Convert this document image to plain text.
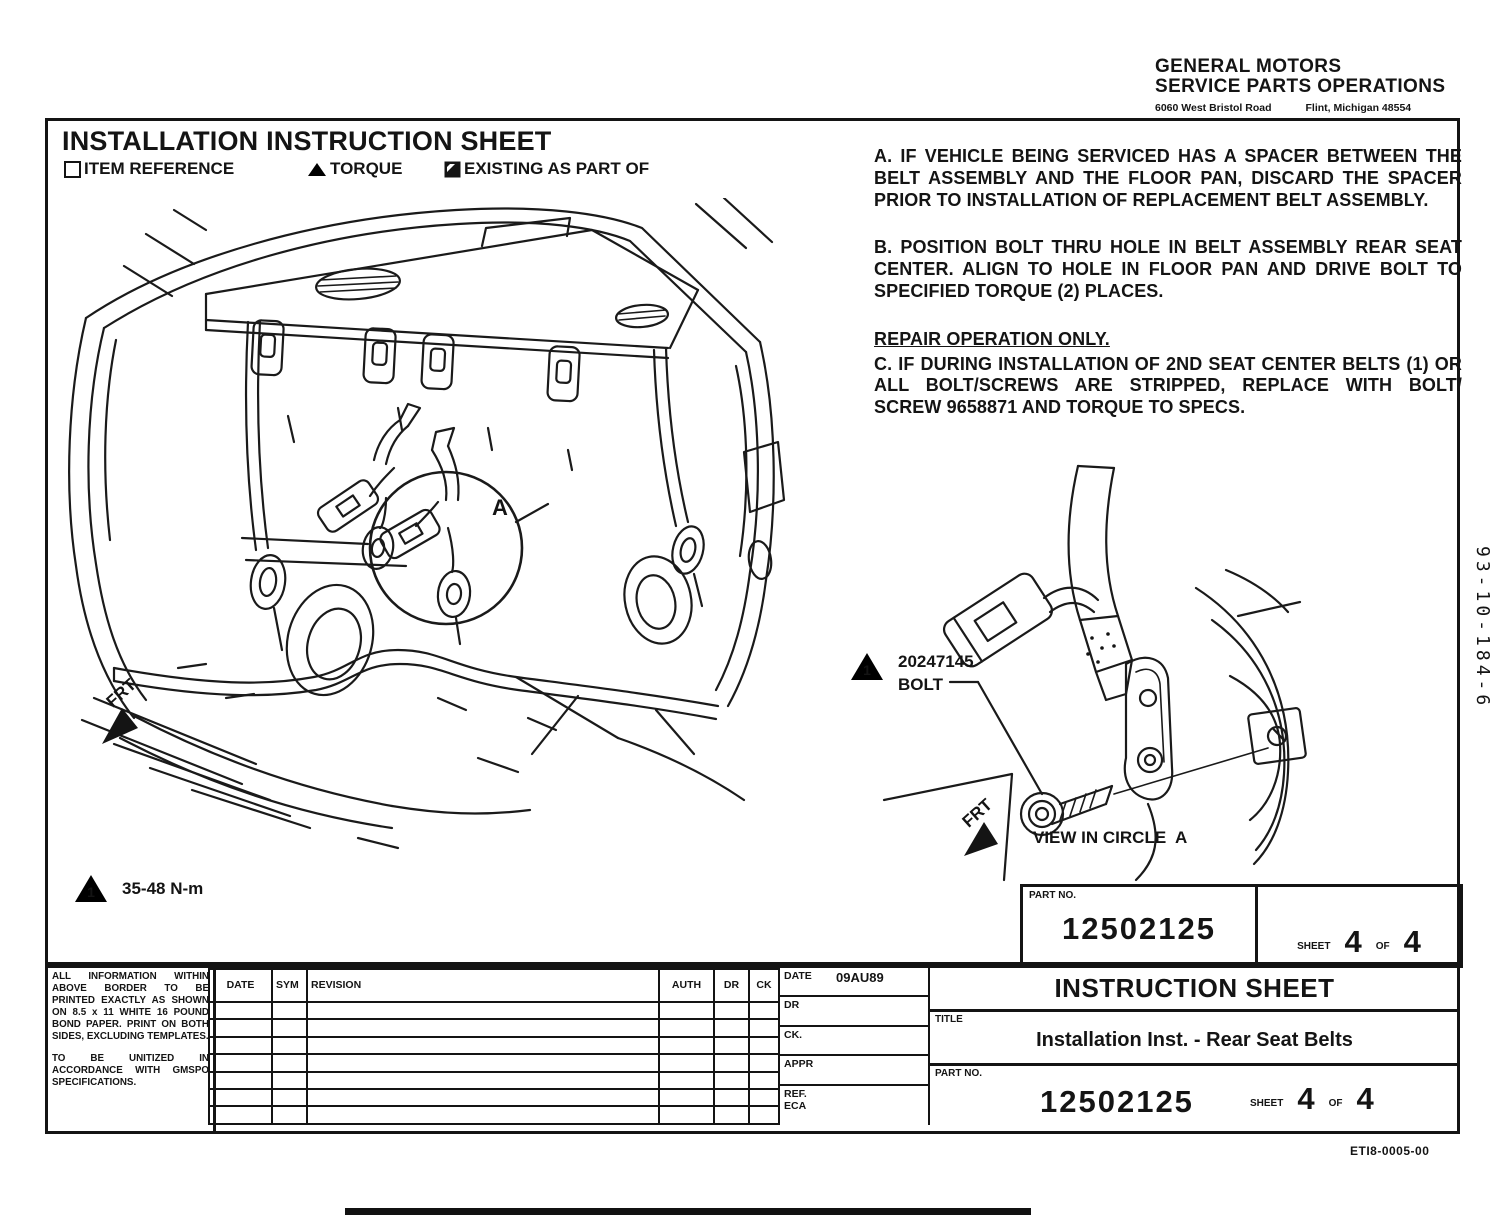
GENERAL MOTORS
SERVICE PARTS OPERATIONS
6060 West Bristol Road	Flint, Michigan 48554
INSTALLATION INSTRUCTION SHEET
ITEM REFERENCE	TORQUE	EXISTING AS PART OF

A. IF VEHICLE BEING SERVICED HAS A SPACER BETWEEN THE BELT ASSEMBLY AND THE FLOOR PAN, DISCARD THE SPACER PRIOR TO INSTALLATION OF REPLACEMENT BELT ASSEMBLY.

B. POSITION BOLT THRU HOLE IN BELT ASSEMBLY REAR SEAT CENTER. ALIGN TO HOLE IN FLOOR PAN AND DRIVE BOLT TO SPECIFIED TORQUE (2) PLACES.

REPAIR OPERATION ONLY.

C. IF DURING INSTALLATION OF 2ND SEAT CENTER BELTS (1) OR ALL BOLT/SCREWS ARE STRIPPED, REPLACE WITH BOLT/ SCREW 9658871 AND TORQUE TO SPECS.

A
FRT
FRT
1 35-48 N-m
1 20247145
BOLT
VIEW IN CIRCLE  A
PART NO.
12502125
SHEET 4 OF 4

ALL INFORMATION WITHIN ABOVE BORDER TO BE PRINTED EXACTLY AS SHOWN ON 8.5 x 11 WHITE 16 POUND BOND PAPER. PRINT ON BOTH SIDES, EXCLUDING TEMPLATES.

TO BE UNITIZED IN ACCORDANCE WITH GMSPO SPECIFICATIONS.

DATE	SYM	REVISION	AUTH	DR	CK

DATE 09AU89
DR
CK.
APPR
REF.
ECA
INSTRUCTION SHEET
TITLE
Installation Inst. - Rear Seat Belts
PART NO.
12502125	SHEET 4 OF 4
93-10-184-6
ETI8-0005-00
